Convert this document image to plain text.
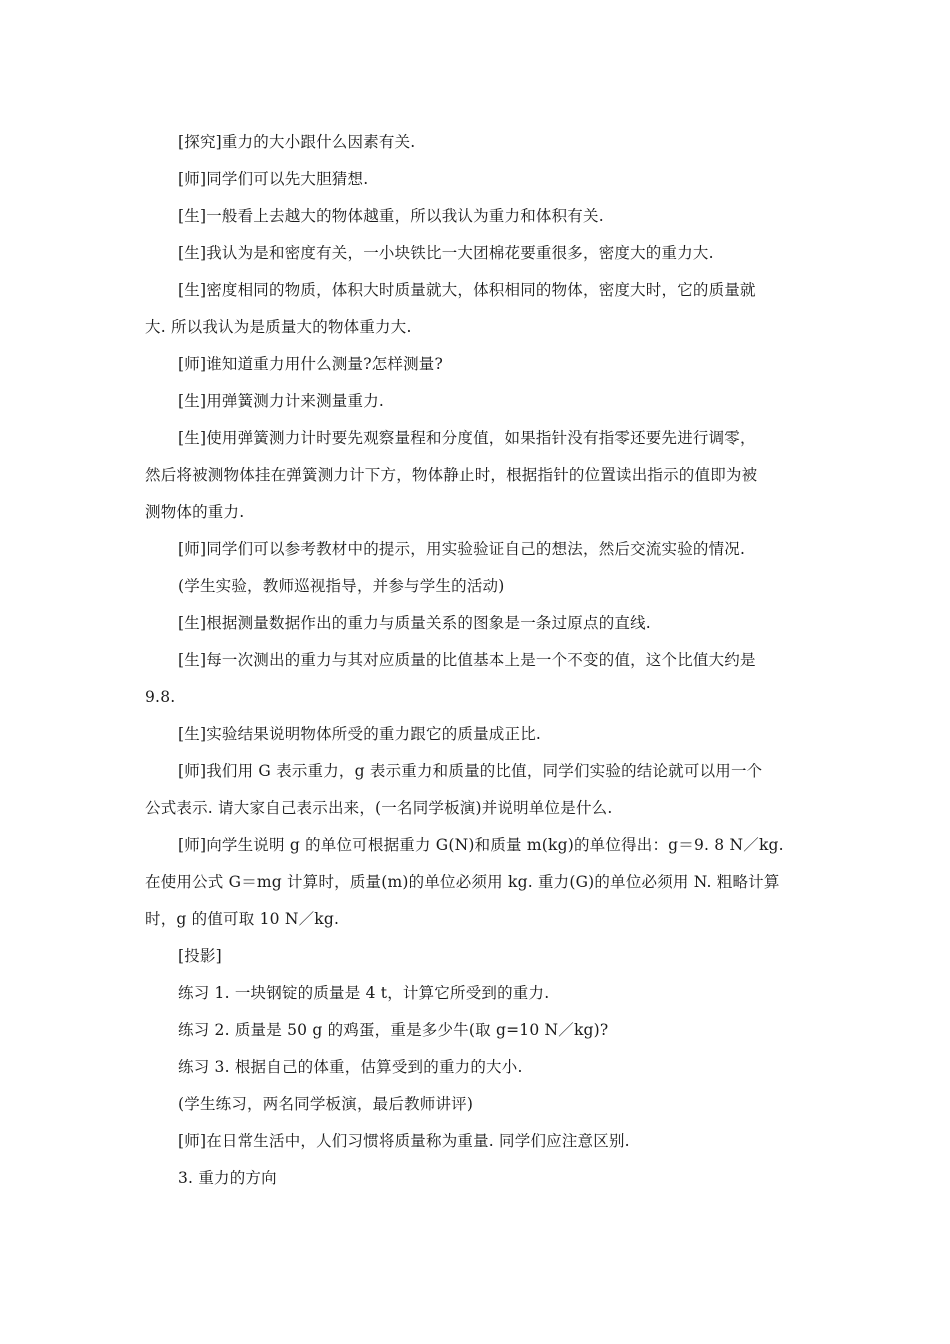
[探究]重力的大小跟什么因素有关.
[师]同学们可以先大胆猜想.
[生]一般看上去越大的物体越重，所以我认为重力和体积有关.
[生]我认为是和密度有关，一小块铁比一大团棉花要重很多，密度大的重力大.
[生]密度相同的物质，体积大时质量就大，体积相同的物体，密度大时，它的质量就
大. 所以我认为是质量大的物体重力大.
[师]谁知道重力用什么测量?怎样测量?
[生]用弹簧测力计来测量重力.
[生]使用弹簧测力计时要先观察量程和分度值，如果指针没有指零还要先进行调零，
然后将被测物体挂在弹簧测力计下方，物体静止时，根据指针的位置读出指示的值即为被
测物体的重力.
[师]同学们可以参考教材中的提示，用实验验证自己的想法，然后交流实验的情况.
(学生实验，教师巡视指导，并参与学生的活动)
[生]根据测量数据作出的重力与质量关系的图象是一条过原点的直线.
[生]每一次测出的重力与其对应质量的比值基本上是一个不变的值，这个比值大约是
9.8.
[生]实验结果说明物体所受的重力跟它的质量成正比.
[师]我们用 G 表示重力，g 表示重力和质量的比值，同学们实验的结论就可以用一个
公式表示. 请大家自己表示出来，(一名同学板演)并说明单位是什么.
[师]向学生说明 g 的单位可根据重力 G(N)和质量 m(kg)的单位得出：g＝9. 8 N／kg.
在使用公式 G＝mg 计算时，质量(m)的单位必须用 kg. 重力(G)的单位必须用 N. 粗略计算
时，g 的值可取 10 N／kg.
[投影]
练习 1. 一块钢锭的质量是 4 t，计算它所受到的重力.
练习 2. 质量是 50 g 的鸡蛋，重是多少牛(取 g=10 N／kg)?
练习 3. 根据自己的体重，估算受到的重力的大小.
(学生练习，两名同学板演，最后教师讲评)
[师]在日常生活中，人们习惯将质量称为重量. 同学们应注意区别.
3. 重力的方向
